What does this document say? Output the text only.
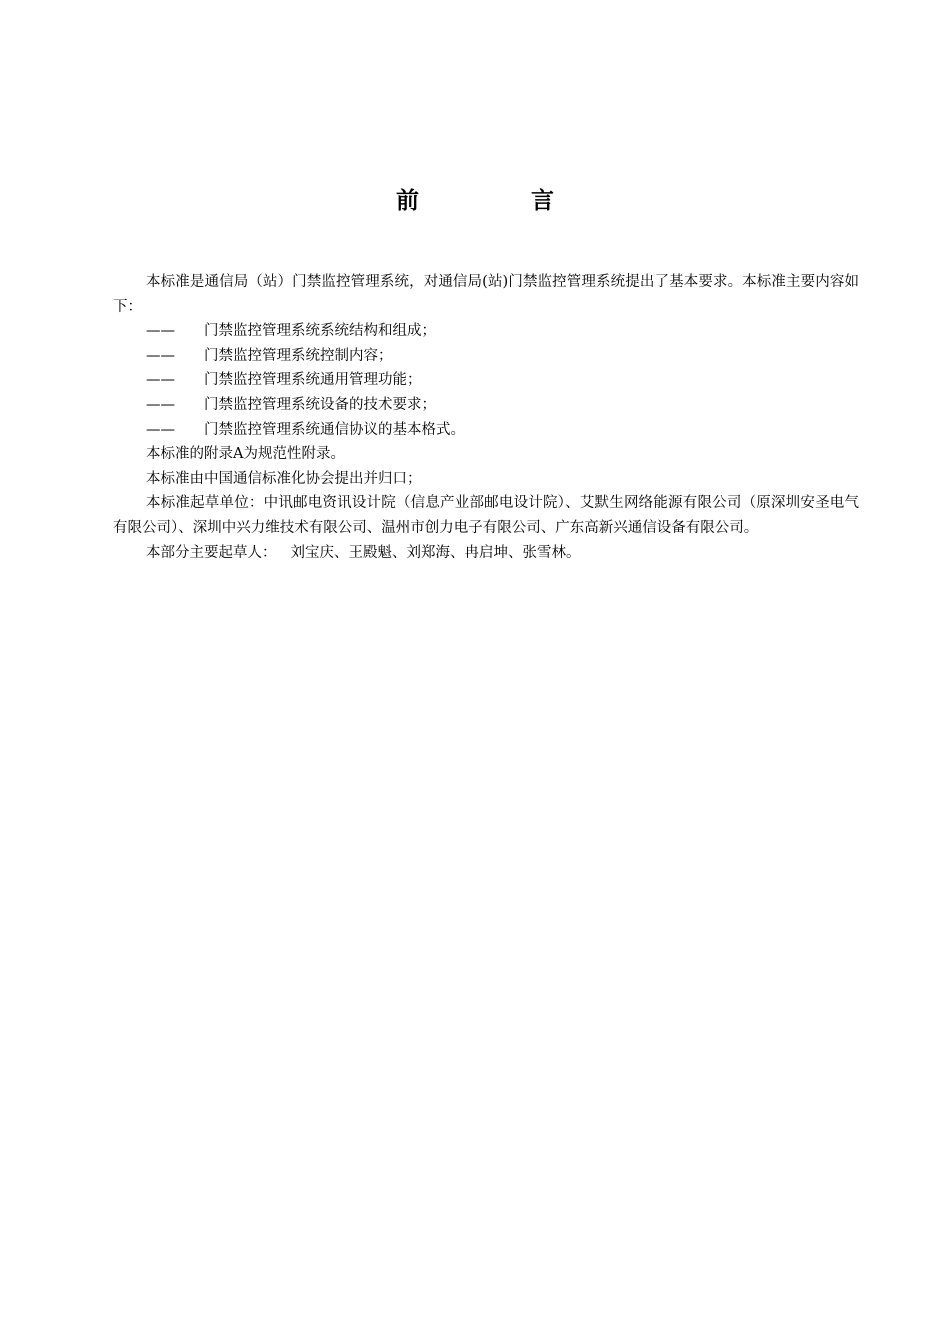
前 言

本标准是通信局（站）门禁监控管理系统，对通信局(站)门禁监控管理系统提出了基本要求。本标准主要内容如下：

—— 门禁监控管理系统系统结构和组成；

—— 门禁监控管理系统控制内容；

—— 门禁监控管理系统通用管理功能；

—— 门禁监控管理系统设备的技术要求；

—— 门禁监控管理系统通信协议的基本格式。

本标准的附录A为规范性附录。

本标准由中国通信标准化协会提出并归口；

本标准起草单位：中讯邮电资讯设计院（信息产业部邮电设计院）、艾默生网络能源有限公司（原深圳安圣电气有限公司）、深圳中兴力维技术有限公司、温州市创力电子有限公司、广东高新兴通信设备有限公司。

本部分主要起草人： 刘宝庆、王殿魁、刘郑海、冉启坤、张雪林。
